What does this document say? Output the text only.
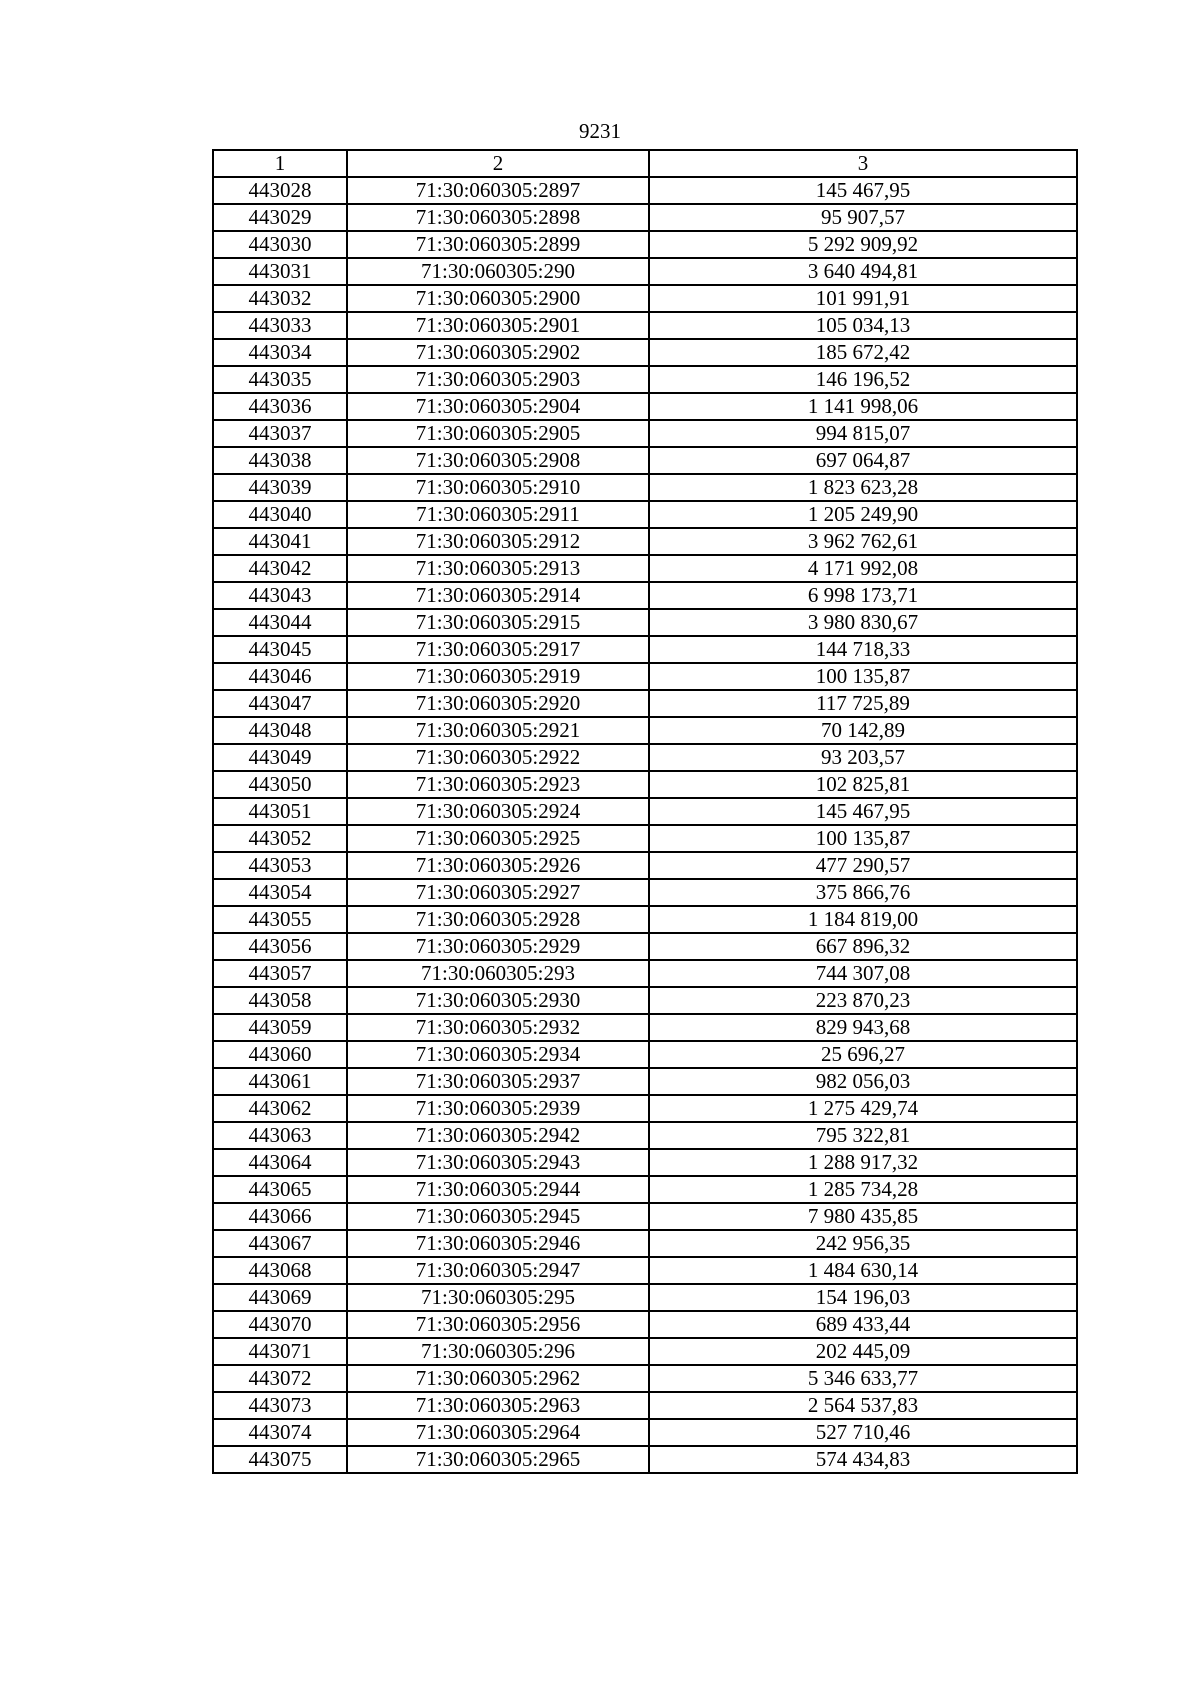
9231
1	2	3
443028	71:30:060305:2897	145 467,95
443029	71:30:060305:2898	95 907,57
443030	71:30:060305:2899	5 292 909,92
443031	71:30:060305:290	3 640 494,81
443032	71:30:060305:2900	101 991,91
443033	71:30:060305:2901	105 034,13
443034	71:30:060305:2902	185 672,42
443035	71:30:060305:2903	146 196,52
443036	71:30:060305:2904	1 141 998,06
443037	71:30:060305:2905	994 815,07
443038	71:30:060305:2908	697 064,87
443039	71:30:060305:2910	1 823 623,28
443040	71:30:060305:2911	1 205 249,90
443041	71:30:060305:2912	3 962 762,61
443042	71:30:060305:2913	4 171 992,08
443043	71:30:060305:2914	6 998 173,71
443044	71:30:060305:2915	3 980 830,67
443045	71:30:060305:2917	144 718,33
443046	71:30:060305:2919	100 135,87
443047	71:30:060305:2920	117 725,89
443048	71:30:060305:2921	70 142,89
443049	71:30:060305:2922	93 203,57
443050	71:30:060305:2923	102 825,81
443051	71:30:060305:2924	145 467,95
443052	71:30:060305:2925	100 135,87
443053	71:30:060305:2926	477 290,57
443054	71:30:060305:2927	375 866,76
443055	71:30:060305:2928	1 184 819,00
443056	71:30:060305:2929	667 896,32
443057	71:30:060305:293	744 307,08
443058	71:30:060305:2930	223 870,23
443059	71:30:060305:2932	829 943,68
443060	71:30:060305:2934	25 696,27
443061	71:30:060305:2937	982 056,03
443062	71:30:060305:2939	1 275 429,74
443063	71:30:060305:2942	795 322,81
443064	71:30:060305:2943	1 288 917,32
443065	71:30:060305:2944	1 285 734,28
443066	71:30:060305:2945	7 980 435,85
443067	71:30:060305:2946	242 956,35
443068	71:30:060305:2947	1 484 630,14
443069	71:30:060305:295	154 196,03
443070	71:30:060305:2956	689 433,44
443071	71:30:060305:296	202 445,09
443072	71:30:060305:2962	5 346 633,77
443073	71:30:060305:2963	2 564 537,83
443074	71:30:060305:2964	527 710,46
443075	71:30:060305:2965	574 434,83
